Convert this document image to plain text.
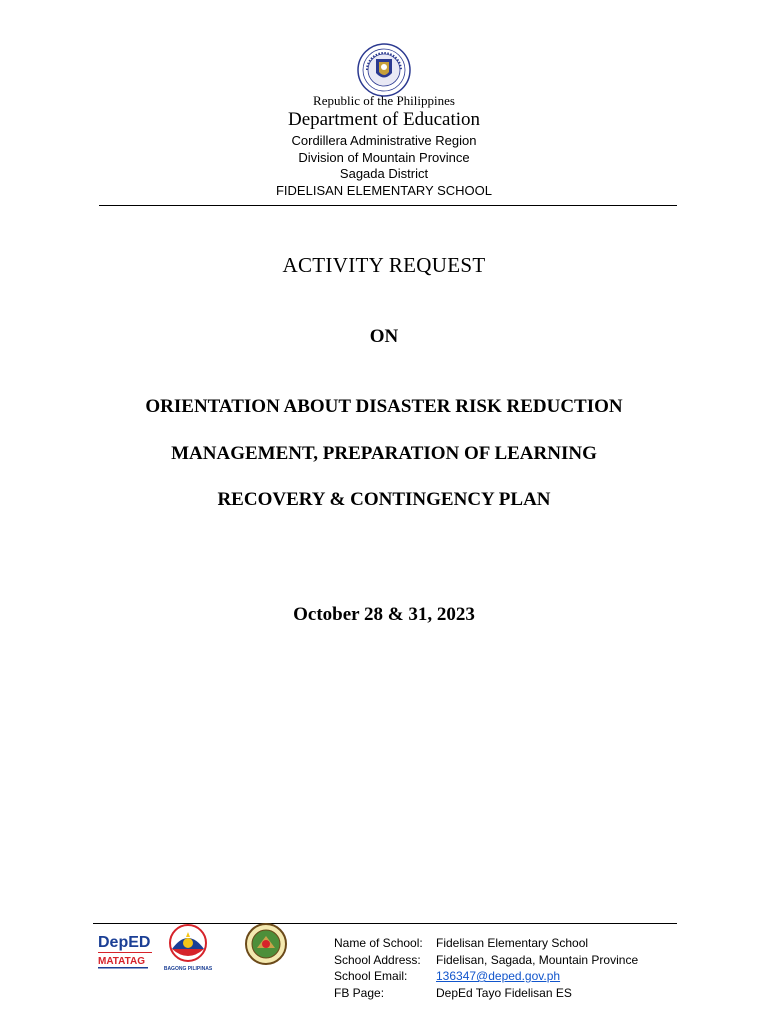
Republic of the Philippines
Department of Education
Cordillera Administrative Region
Division of Mountain Province
Sagada District
FIDELISAN ELEMENTARY SCHOOL
ACTIVITY REQUEST
ON
ORIENTATION ABOUT DISASTER RISK REDUCTION
MANAGEMENT, PREPARATION OF LEARNING
RECOVERY & CONTINGENCY PLAN
October 28 & 31, 2023
DepED
MATATAG
BAGONG PILIPINAS
Name of School:	Fidelisan Elementary School
School Address:	Fidelisan, Sagada, Mountain Province
School Email:	136347@deped.gov.ph
FB Page:	DepEd Tayo Fidelisan ES
